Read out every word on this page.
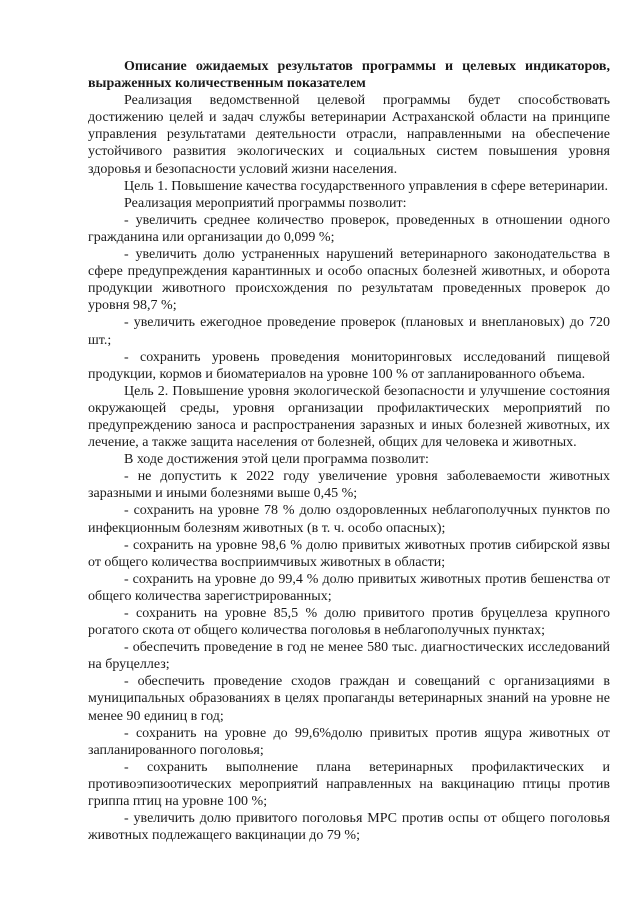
Описание ожидаемых результатов программы и целевых индикаторов, выраженных количественным показателем

Реализация ведомственной целевой программы будет способствовать достижению целей и задач службы ветеринарии Астраханской области на принципе управления результатами деятельности отрасли, направленными на обеспечение устойчивого развития экологических и социальных систем повышения уровня здоровья и безопасности условий жизни населения.

Цель 1. Повышение качества государственного управления в сфере ветеринарии.

Реализация мероприятий программы позволит:

- увеличить среднее количество проверок, проведенных в отношении одного гражданина или организации до 0,099 %;

- увеличить долю устраненных нарушений ветеринарного законодательства в сфере предупреждения карантинных и особо опасных болезней животных, и оборота продукции животного происхождения по результатам проведенных проверок до уровня 98,7 %;

- увеличить ежегодное проведение проверок (плановых и внеплановых) до 720 шт.;

- сохранить уровень проведения мониторинговых исследований пищевой продукции, кормов и биоматериалов на уровне 100 % от запланированного объема.

Цель 2. Повышение уровня экологической безопасности и улучшение состояния окружающей среды, уровня организации профилактических мероприятий по предупреждению заноса и распространения заразных и иных болезней животных, их лечение, а также защита населения от болезней, общих для человека и животных.

В ходе достижения этой цели программа позволит:

- не допустить к 2022 году увеличение уровня заболеваемости животных заразными и иными болезнями выше 0,45 %;

- сохранить на уровне 78 % долю оздоровленных неблагополучных пунктов по инфекционным болезням животных (в т. ч. особо опасных);

- сохранить на уровне 98,6 % долю привитых животных против сибирской язвы от общего количества восприимчивых животных в области;

- сохранить на уровне до 99,4 % долю привитых животных против бешенства от общего количества зарегистрированных;

- сохранить на уровне 85,5 % долю привитого против бруцеллеза крупного рогатого скота от общего количества поголовья в неблагополучных пунктах;

- обеспечить проведение в год не менее 580 тыс. диагностических исследований на бруцеллез;

- обеспечить проведение сходов граждан и совещаний с организациями в муниципальных образованиях в целях пропаганды ветеринарных знаний на уровне не менее 90 единиц в год;

- сохранить на уровне до 99,6%долю привитых против ящура животных от запланированного поголовья;

- сохранить выполнение плана ветеринарных профилактических и противоэпизоотических мероприятий направленных на вакцинацию птицы против гриппа птиц на уровне 100 %;

- увеличить долю привитого поголовья МРС против оспы от общего поголовья животных подлежащего вакцинации до 79 %;
